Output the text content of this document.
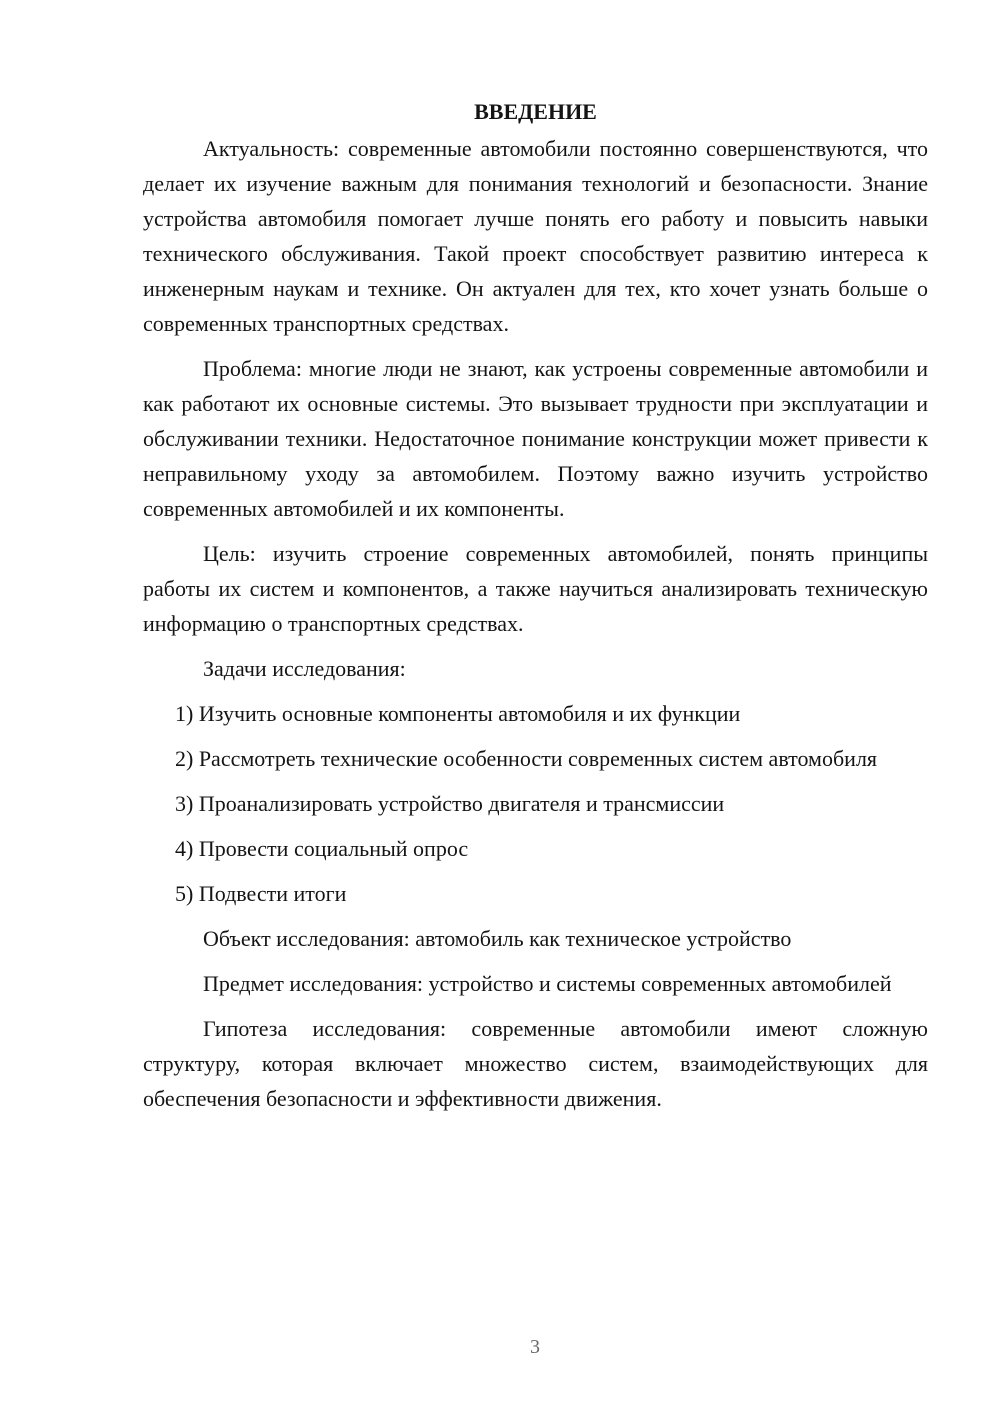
ВВЕДЕНИЕ

Актуальность: современные автомобили постоянно совершенствуются, что делает их изучение важным для понимания технологий и безопасности. Знание устройства автомобиля помогает лучше понять его работу и повысить навыки технического обслуживания. Такой проект способствует развитию интереса к инженерным наукам и технике. Он актуален для тех, кто хочет узнать больше о современных транспортных средствах.

Проблема: многие люди не знают, как устроены современные автомобили и как работают их основные системы. Это вызывает трудности при эксплуатации и обслуживании техники. Недостаточное понимание конструкции может привести к неправильному уходу за автомобилем. Поэтому важно изучить устройство современных автомобилей и их компоненты.

Цель: изучить строение современных автомобилей, понять принципы работы их систем и компонентов, а также научиться анализировать техническую информацию о транспортных средствах.

Задачи исследования:

1) Изучить основные компоненты автомобиля и их функции

2) Рассмотреть технические особенности современных систем автомобиля

3) Проанализировать устройство двигателя и трансмиссии

4) Провести социальный опрос

5) Подвести итоги

Объект исследования: автомобиль как техническое устройство

Предмет исследования: устройство и системы современных автомобилей

Гипотеза исследования: современные автомобили имеют сложную структуру, которая включает множество систем, взаимодействующих для обеспечения безопасности и эффективности движения.

3
